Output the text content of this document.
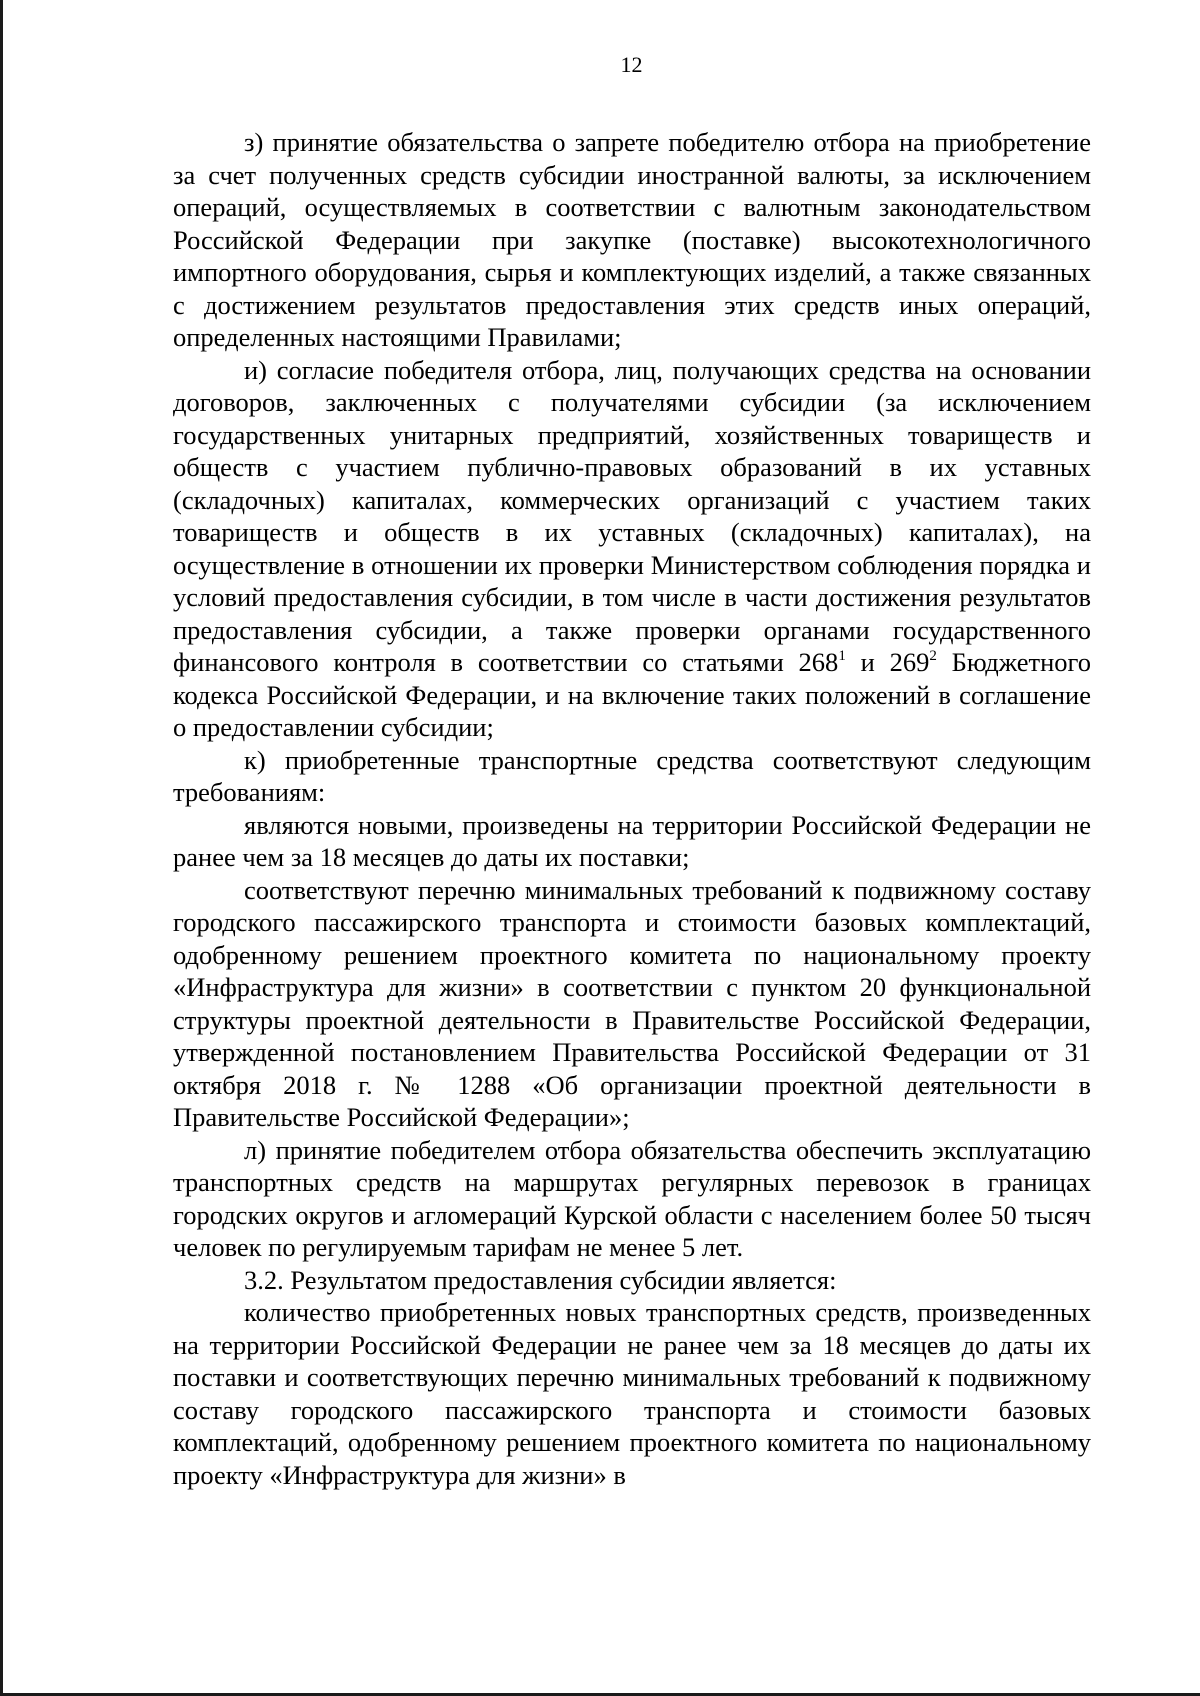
12

з) принятие обязательства о запрете победителю отбора на приобретение за счет полученных средств субсидии иностранной валюты, за исключением операций, осуществляемых в соответствии с валютным законодательством Российской Федерации при закупке (поставке) высокотехнологичного импортного оборудования, сырья и комплектующих изделий, а также связанных с достижением результатов предоставления этих средств иных операций, определенных настоящими Правилами;

и) согласие победителя отбора, лиц, получающих средства на основании договоров, заключенных с получателями субсидии (за исключением государственных унитарных предприятий, хозяйственных товариществ и обществ с участием публично-правовых образований в их уставных (складочных) капиталах, коммерческих организаций с участием таких товариществ и обществ в их уставных (складочных) капиталах), на осуществление в отношении их проверки Министерством соблюдения порядка и условий предоставления субсидии, в том числе в части достижения результатов предоставления субсидии, а также проверки органами государственного финансового контроля в соответствии со статьями $268^1$ и $269^2$ Бюджетного кодекса Российской Федерации, и на включение таких положений в соглашение о предоставлении субсидии;

к) приобретенные транспортные средства соответствуют следующим требованиям:

являются новыми, произведены на территории Российской Федерации не ранее чем за 18 месяцев до даты их поставки;

соответствуют перечню минимальных требований к подвижному составу городского пассажирского транспорта и стоимости базовых комплектаций, одобренному решением проектного комитета по национальному проекту «Инфраструктура для жизни» в соответствии с пунктом 20 функциональной структуры проектной деятельности в Правительстве Российской Федерации, утвержденной постановлением Правительства Российской Федерации от 31 октября 2018 г. № 1288 «Об организации проектной деятельности в Правительстве Российской Федерации»;

л) принятие победителем отбора обязательства обеспечить эксплуатацию транспортных средств на маршрутах регулярных перевозок в границах городских округов и агломераций Курской области с населением более 50 тысяч человек по регулируемым тарифам не менее 5 лет.

3.2. Результатом предоставления субсидии является:

количество приобретенных новых транспортных средств, произведенных на территории Российской Федерации не ранее чем за 18 месяцев до даты их поставки и соответствующих перечню минимальных требований к подвижному составу городского пассажирского транспорта и стоимости базовых комплектаций, одобренному решением проектного комитета по национальному проекту «Инфраструктура для жизни» в
